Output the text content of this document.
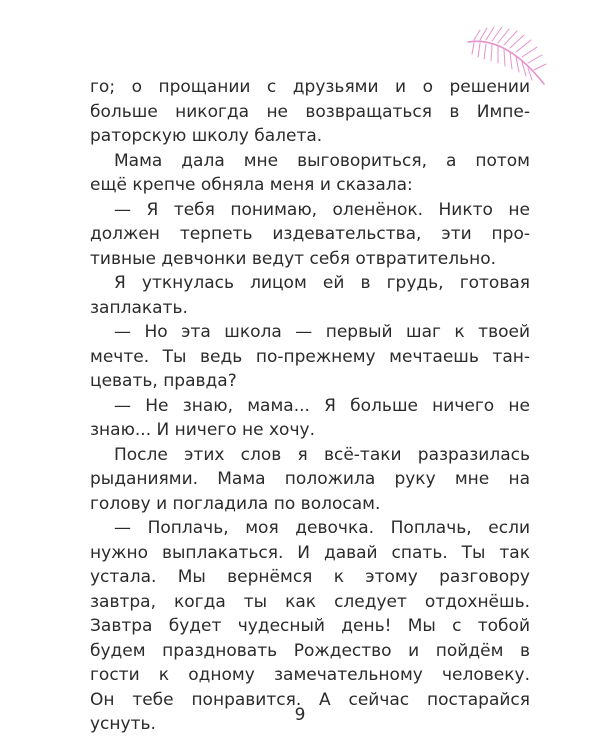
го; о прощании с друзьями и о решении
больше никогда не возвращаться в Импе-
раторскую школу балета.
Мама дала мне выговориться, а потом
ещё крепче обняла меня и сказала:
— Я тебя понимаю, оленёнок. Никто не
должен терпеть издевательства, эти про-
тивные девчонки ведут себя отвратительно.
Я уткнулась лицом ей в грудь, готовая
заплакать.
— Но эта школа — первый шаг к твоей
мечте. Ты ведь по-прежнему мечтаешь тан-
цевать, правда?
— Не знаю, мама... Я больше ничего не
знаю... И ничего не хочу.
После этих слов я всё-таки разразилась
рыданиями. Мама положила руку мне на
голову и погладила по волосам.
— Поплачь, моя девочка. Поплачь, если
нужно выплакаться. И давай спать. Ты так
устала. Мы вернёмся к этому разговору
завтра, когда ты как следует отдохнёшь.
Завтра будет чудесный день! Мы с тобой
будем праздновать Рождество и пойдём в
гости к одному замечательному человеку.
Он тебе понравится. А сейчас постарайся
уснуть.	9
